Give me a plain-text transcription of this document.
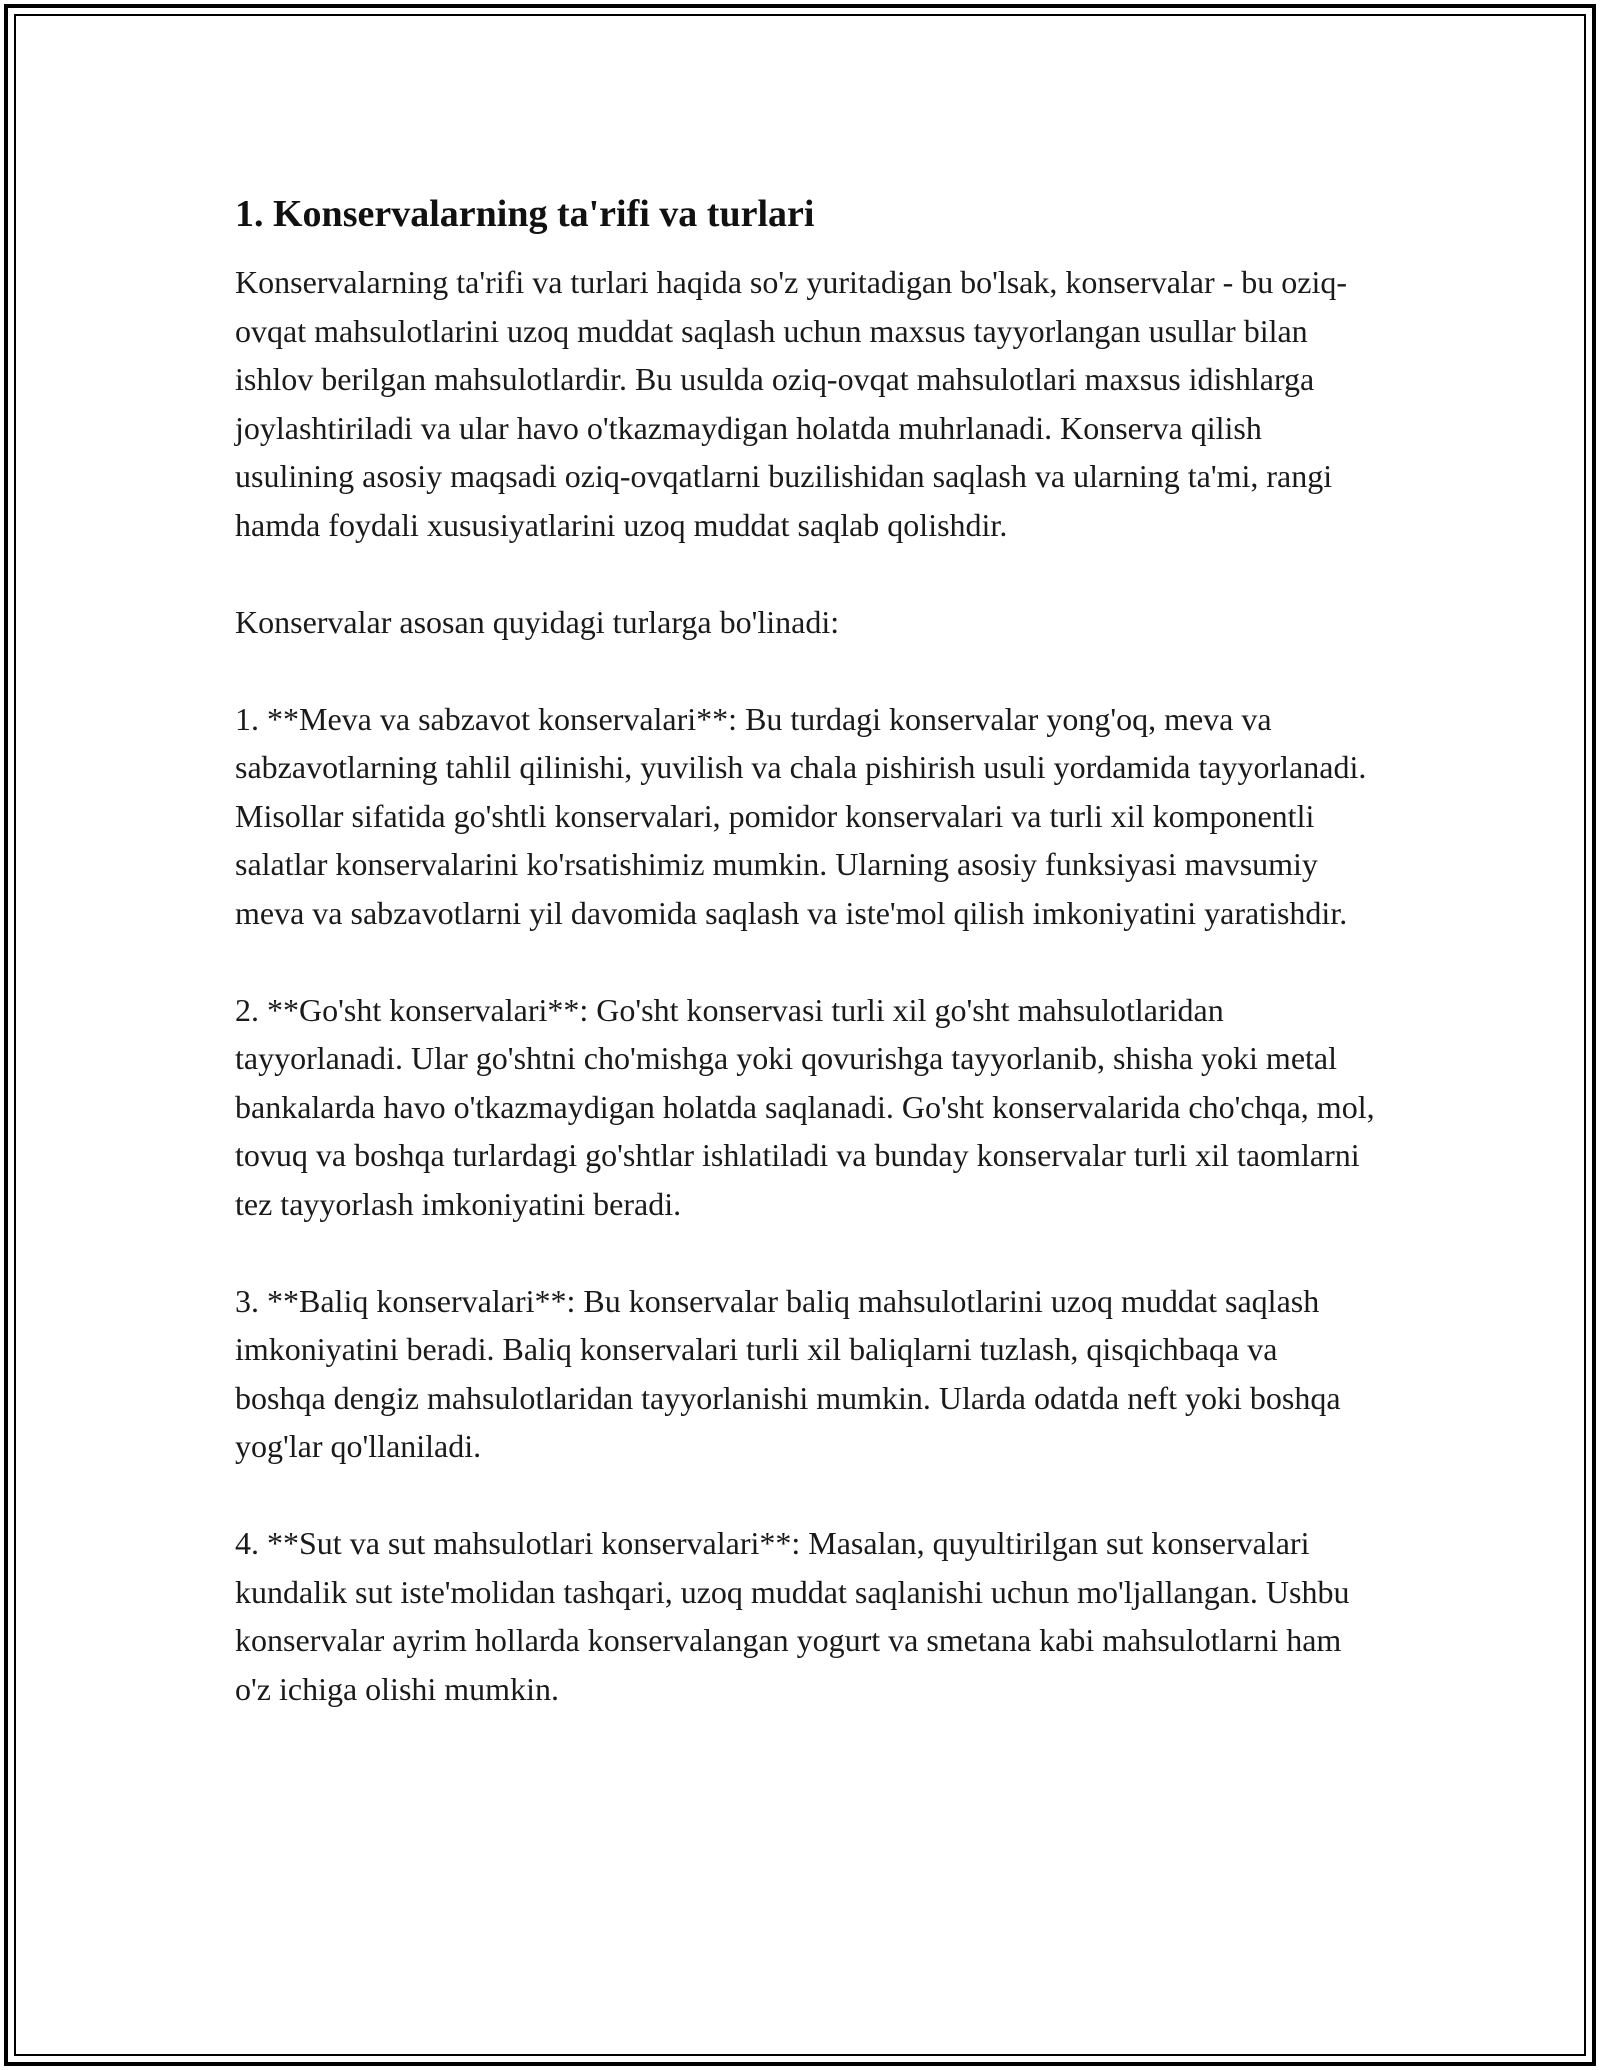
1. Konservalarning ta'rifi va turlari

Konservalarning ta'rifi va turlari haqida so'z yuritadigan bo'lsak, konservalar - bu oziq-ovqat mahsulotlarini uzoq muddat saqlash uchun maxsus tayyorlangan usullar bilan ishlov berilgan mahsulotlardir. Bu usulda oziq-ovqat mahsulotlari maxsus idishlarga joylashtiriladi va ular havo o'tkazmaydigan holatda muhrlanadi. Konserva qilish usulining asosiy maqsadi oziq-ovqatlarni buzilishidan saqlash va ularning ta'mi, rangi hamda foydali xususiyatlarini uzoq muddat saqlab qolishdir.

Konservalar asosan quyidagi turlarga bo'linadi:

1. **Meva va sabzavot konservalari**: Bu turdagi konservalar yong'oq, meva va sabzavotlarning tahlil qilinishi, yuvilish va chala pishirish usuli yordamida tayyorlanadi. Misollar sifatida go'shtli konservalari, pomidor konservalari va turli xil komponentli salatlar konservalarini ko'rsatishimiz mumkin. Ularning asosiy funksiyasi mavsumiy meva va sabzavotlarni yil davomida saqlash va iste'mol qilish imkoniyatini yaratishdir.

2. **Go'sht konservalari**: Go'sht konservasi turli xil go'sht mahsulotlaridan tayyorlanadi. Ular go'shtni cho'mishga yoki qovurishga tayyorlanib, shisha yoki metal bankalarda havo o'tkazmaydigan holatda saqlanadi. Go'sht konservalarida cho'chqa, mol, tovuq va boshqa turlardagi go'shtlar ishlatiladi va bunday konservalar turli xil taomlarni tez tayyorlash imkoniyatini beradi.

3. **Baliq konservalari**: Bu konservalar baliq mahsulotlarini uzoq muddat saqlash imkoniyatini beradi. Baliq konservalari turli xil baliqlarni tuzlash, qisqichbaqa va boshqa dengiz mahsulotlaridan tayyorlanishi mumkin. Ularda odatda neft yoki boshqa yog'lar qo'llaniladi.

4. **Sut va sut mahsulotlari konservalari**: Masalan, quyultirilgan sut konservalari kundalik sut iste'molidan tashqari, uzoq muddat saqlanishi uchun mo'ljallangan. Ushbu konservalar ayrim hollarda konservalangan yogurt va smetana kabi mahsulotlarni ham o'z ichiga olishi mumkin.
